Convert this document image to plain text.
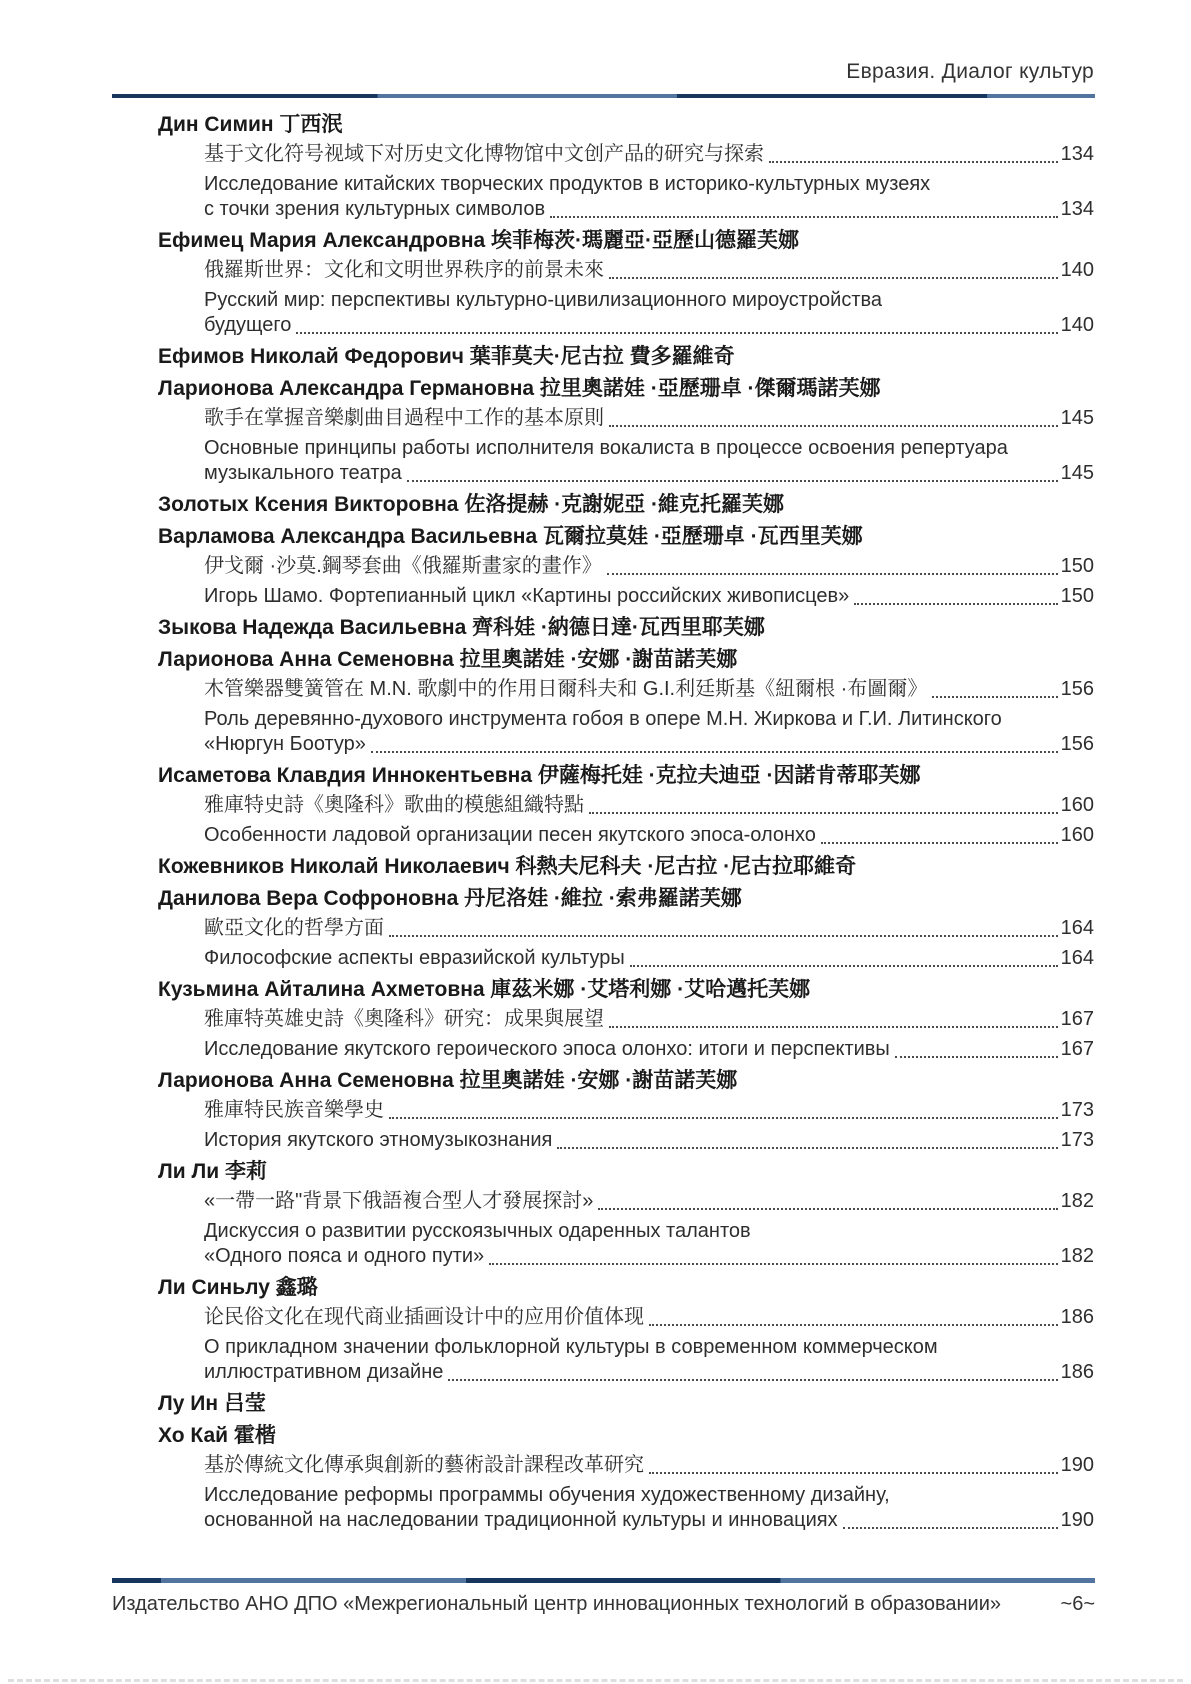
Евразия. Диалог культур
Дин Симин 丁西泯
基于文化符号视域下对历史文化博物馆中文创产品的研究与探索	134
Исследование китайских творческих продуктов в историко-культурных музеях
с точки зрения культурных символов	134
Ефимец Мария Александровна 埃菲梅茨·瑪麗亞·亞歷山德羅芙娜
俄羅斯世界：文化和文明世界秩序的前景未來	140
Русский мир: перспективы культурно-цивилизационного мироустройства
будущего	140
Ефимов Николай Федорович 葉菲莫夫·尼古拉 費多羅維奇
Ларионова Александра Германовна 拉里奧諾娃 ·亞歷珊卓 ·傑爾瑪諾芙娜
歌手在掌握音樂劇曲目過程中工作的基本原則	145
Основные принципы работы исполнителя вокалиста в процессе освоения репертуара
музыкального театра	145
Золотых Ксения Викторовна 佐洛提赫 ·克謝妮亞 ·維克托羅芙娜
Варламова Александра Васильевна 瓦爾拉莫娃 ·亞歷珊卓 ·瓦西里芙娜
伊戈爾 ·沙莫.鋼琴套曲《俄羅斯畫家的畫作》	150
Игорь Шамо. Фортепианный цикл «Картины российских живописцев»	150
Зыкова Надежда Васильевна 齊科娃 ·納德日達·瓦西里耶芙娜
Ларионова Анна Семеновна 拉里奧諾娃 ·安娜 ·謝苗諾芙娜
木管樂器雙簧管在 M.N. 歌劇中的作用日爾科夫和 G.I.利廷斯基《紐爾根 ·布圖爾》	156
Роль деревянно-духового инструмента гобоя в опере М.Н. Жиркова и Г.И. Литинского
«Нюргун Боотур»	156
Исаметова Клавдия Иннокентьевна 伊薩梅托娃 ·克拉夫迪亞 ·因諾肯蒂耶芙娜
雅庫特史詩《奧隆科》歌曲的模態組織特點	160
Особенности ладовой организации песен якутского эпоса-олонхо	160
Кожевников Николай Николаевич 科熱夫尼科夫 ·尼古拉 ·尼古拉耶維奇
Данилова Вера Софроновна 丹尼洛娃 ·維拉 ·索弗羅諾芙娜
歐亞文化的哲學方面	164
Философские аспекты евразийской культуры	164
Кузьмина Айталина Ахметовна 庫茲米娜 ·艾塔利娜 ·艾哈邁托芙娜
雅庫特英雄史詩《奧隆科》研究：成果與展望	167
Исследование якутского героического эпоса олонхо: итоги и перспективы	167
Ларионова Анна Семеновна 拉里奧諾娃 ·安娜 ·謝苗諾芙娜
雅庫特民族音樂學史	173
История якутского этномузыкознания	173
Ли Ли 李莉
«一帶一路"背景下俄語複合型人才發展探討»	182
Дискуссия о развитии русскоязычных одаренных талантов
«Одного пояса и одного пути»	182
Ли Синьлу 鑫璐
论民俗文化在现代商业插画设计中的应用价值体现	186
О прикладном значении фольклорной культуры в современном коммерческом
иллюстративном дизайне	186
Лу Ин 吕莹
Хо Кай 霍楷
基於傳統文化傳承與創新的藝術設計課程改革研究	190
Исследование реформы программы обучения художественному дизайну,
основанной на наследовании традиционной культуры и инновациях	190
Издательство АНО ДПО «Межрегиональный центр инновационных технологий в образовании»	~6~
